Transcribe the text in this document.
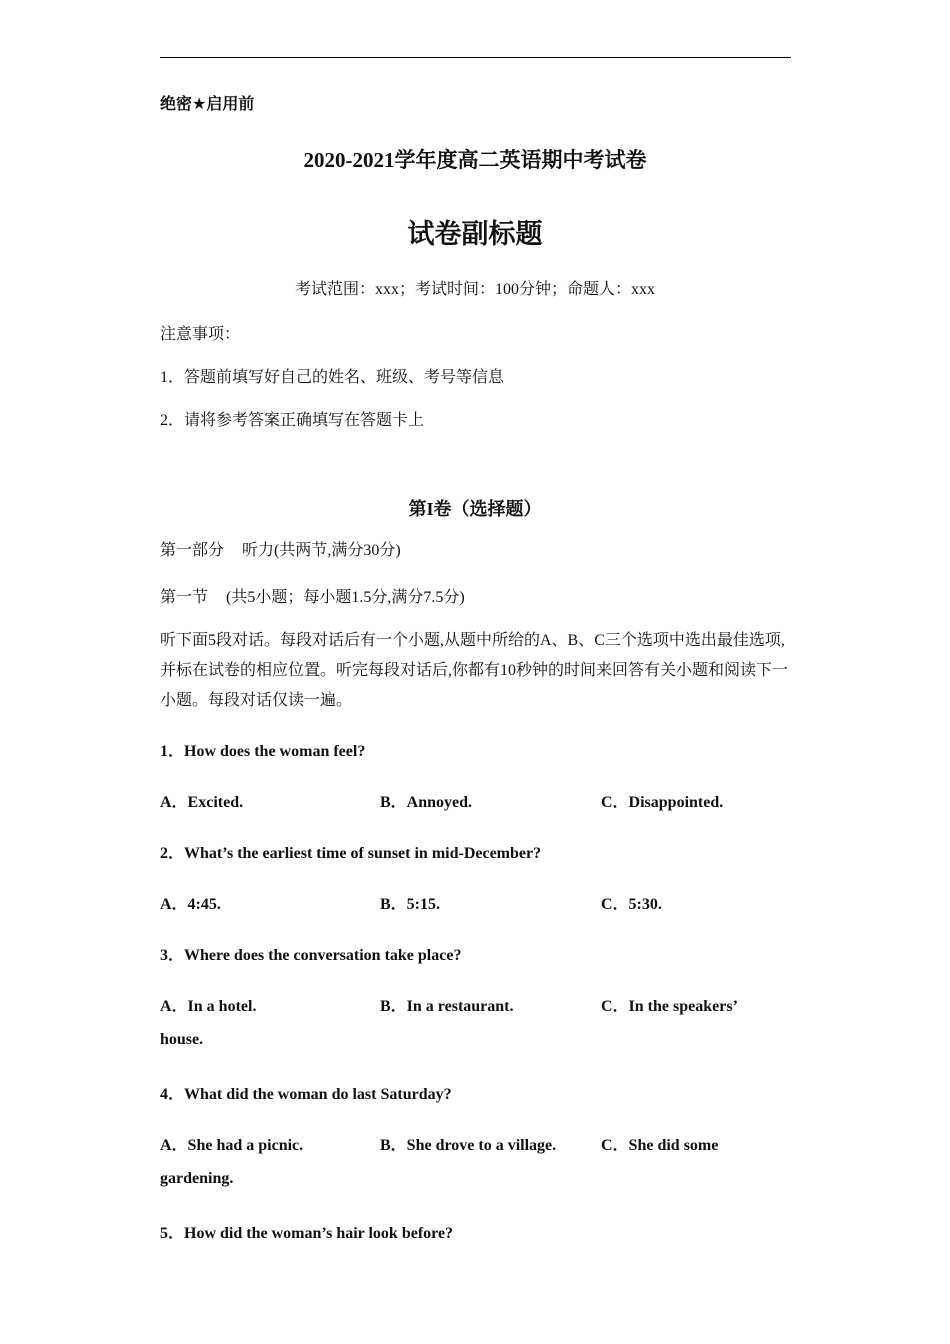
绝密★启用前
2020-2021学年度高二英语期中考试卷
试卷副标题
考试范围：xxx；考试时间：100分钟；命题人：xxx
注意事项：
1．答题前填写好自己的姓名、班级、考号等信息
2．请将参考答案正确填写在答题卡上
第I卷（选择题）
第一部分 听力(共两节,满分30分)
第一节 (共5小题；每小题1.5分,满分7.5分)
听下面5段对话。每段对话后有一个小题,从题中所给的A、B、C三个选项中选出最佳选项,并标在试卷的相应位置。听完每段对话后,你都有10秒钟的时间来回答有关小题和阅读下一小题。每段对话仅读一遍。
1．How does the woman feel?
A．Excited.	B．Annoyed.	C．Disappointed.
2．What’s the earliest time of sunset in mid-December?
A．4:45.	B．5:15.	C．5:30.
3．Where does the conversation take place?
A．In a hotel.	B．In a restaurant.	C．In the speakers’
house.
4．What did the woman do last Saturday?
A．She had a picnic.	B．She drove to a village.	C．She did some
gardening.
5．How did the woman’s hair look before?
